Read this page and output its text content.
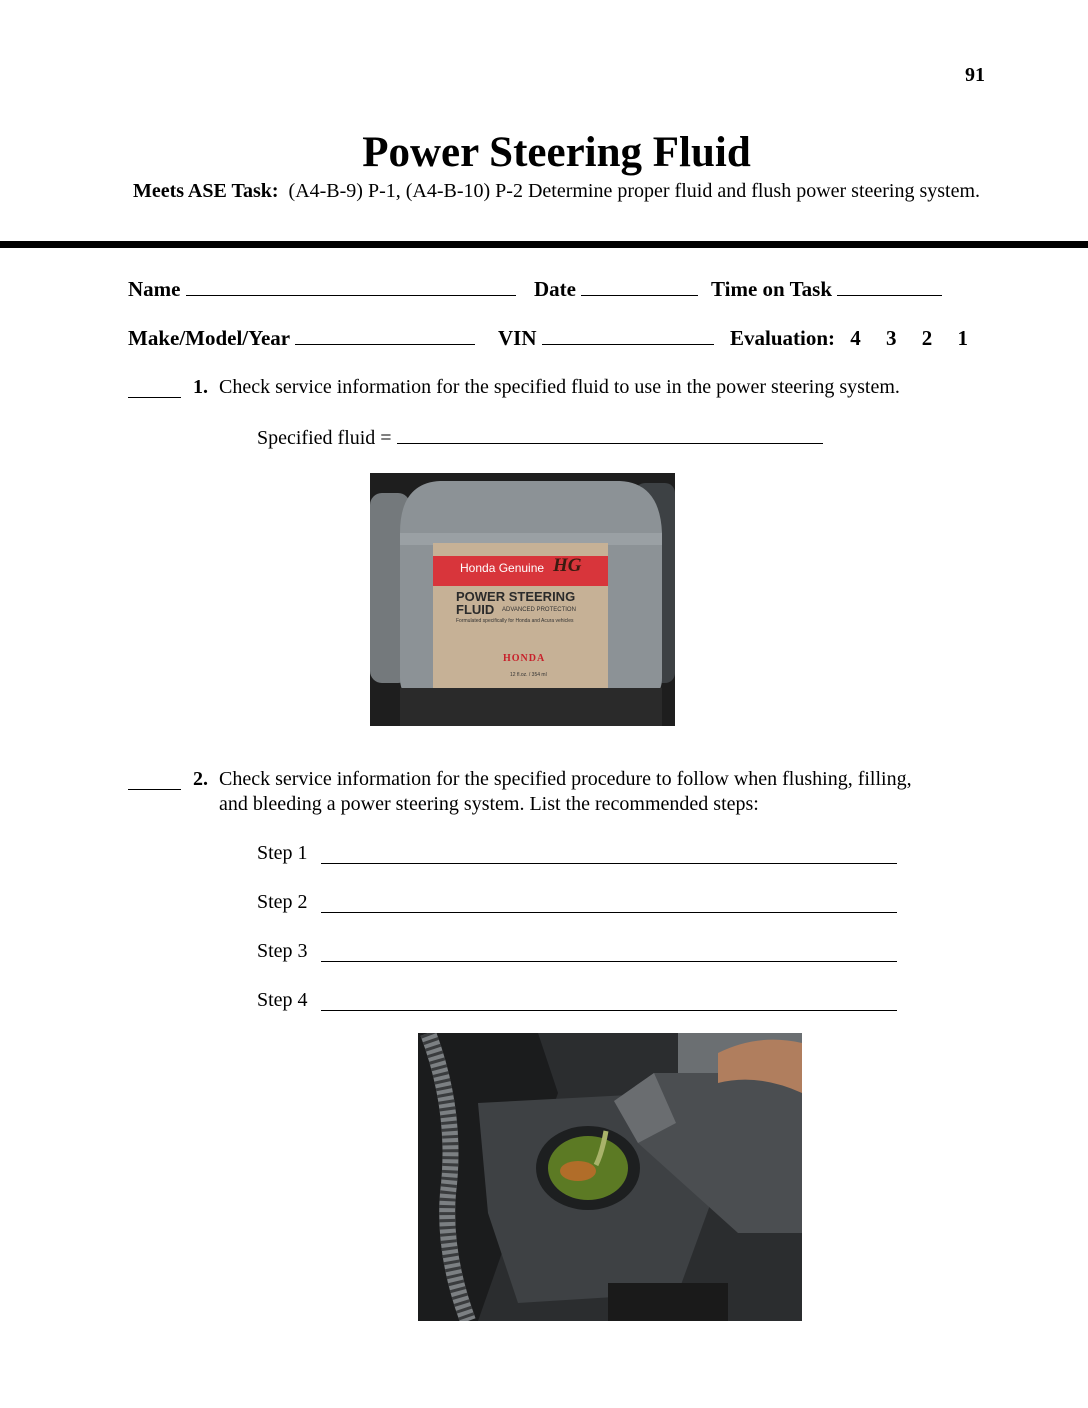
91
Power Steering Fluid
Meets ASE Task: (A4-B-9) P-1, (A4-B-10) P-2 Determine proper fluid and flush power steering system.
Name	Date	Time on Task
Make/Model/Year	VIN	Evaluation: 4 3 2 1
1. Check service information for the specified fluid to use in the power steering system.
Specified fluid =
Honda Genuine HG
POWER STEERING
FLUID ADVANCED PROTECTION
Formulated specifically for Honda and Acura vehicles
HONDA
12 fl.oz. / 354 ml
2. Check service information for the specified procedure to follow when flushing, filling,
and bleeding a power steering system. List the recommended steps:
Step 1
Step 2
Step 3
Step 4
